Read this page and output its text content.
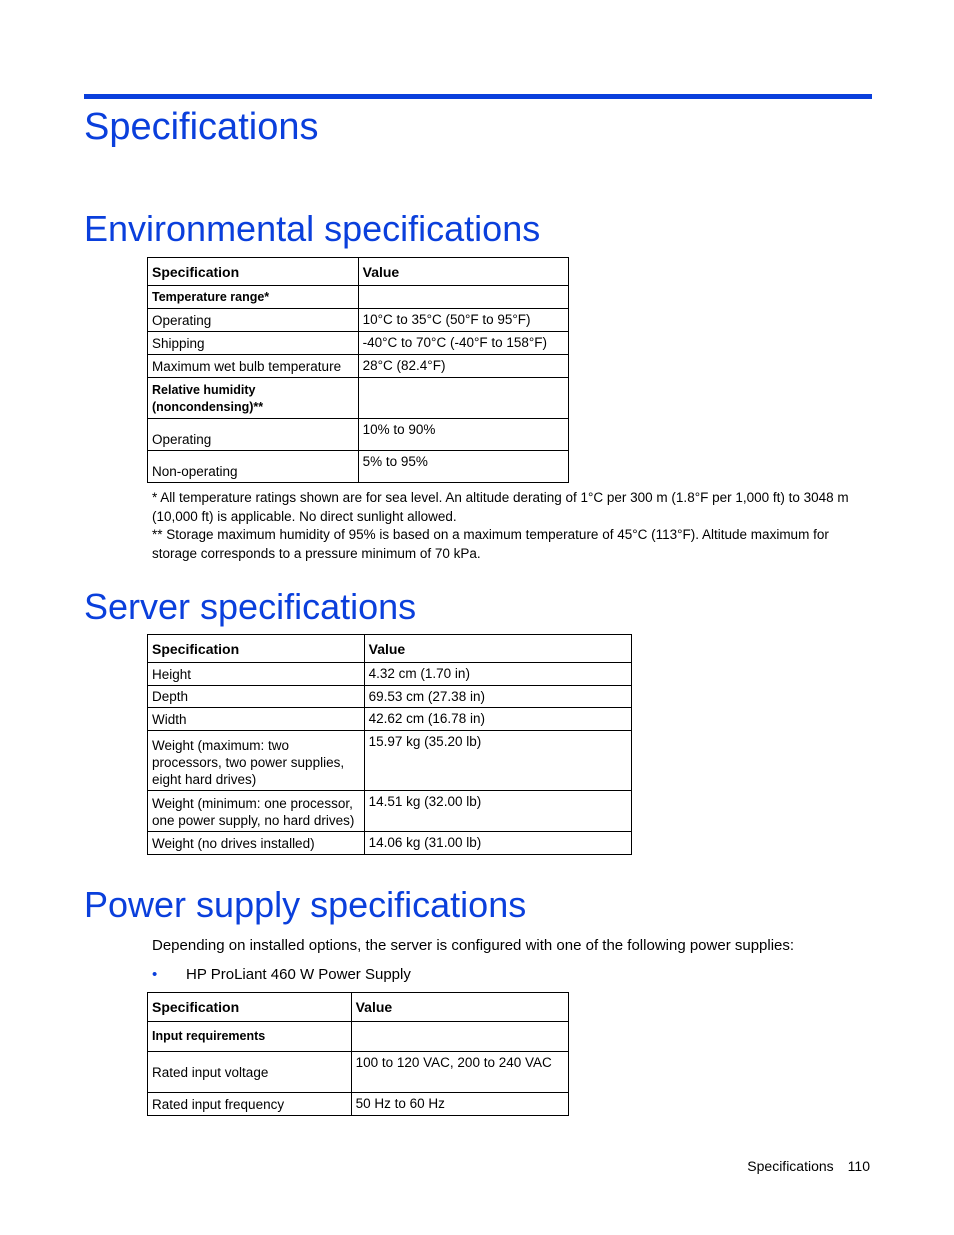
Specifications
Environmental specifications
Specification	Value
Temperature range*	
Operating	10°C to 35°C (50°F to 95°F)
Shipping	-40°C to 70°C (-40°F to 158°F)
Maximum wet bulb temperature	28°C (82.4°F)
Relative humidity (noncondensing)**	
Operating	10% to 90%
Non-operating	5% to 95%

* All temperature ratings shown are for sea level. An altitude derating of 1°C per 300 m (1.8°F per 1,000 ft) to 3048 m (10,000 ft) is applicable. No direct sunlight allowed.

** Storage maximum humidity of 95% is based on a maximum temperature of 45°C (113°F). Altitude maximum for storage corresponds to a pressure minimum of 70 kPa.

Server specifications
Specification	Value
Height	4.32 cm (1.70 in)
Depth	69.53 cm (27.38 in)
Width	42.62 cm (16.78 in)
Weight (maximum: two processors, two power supplies, eight hard drives)	15.97 kg (35.20 lb)
Weight (minimum: one processor, one power supply, no hard drives)	14.51 kg (32.00 lb)
Weight (no drives installed)	14.06 kg (31.00 lb)
Power supply specifications

Depending on installed options, the server is configured with one of the following power supplies:

• HP ProLiant 460 W Power Supply
Specification	Value
Input requirements	
Rated input voltage	100 to 120 VAC, 200 to 240 VAC
Rated input frequency	50 Hz to 60 Hz
Specifications 110
